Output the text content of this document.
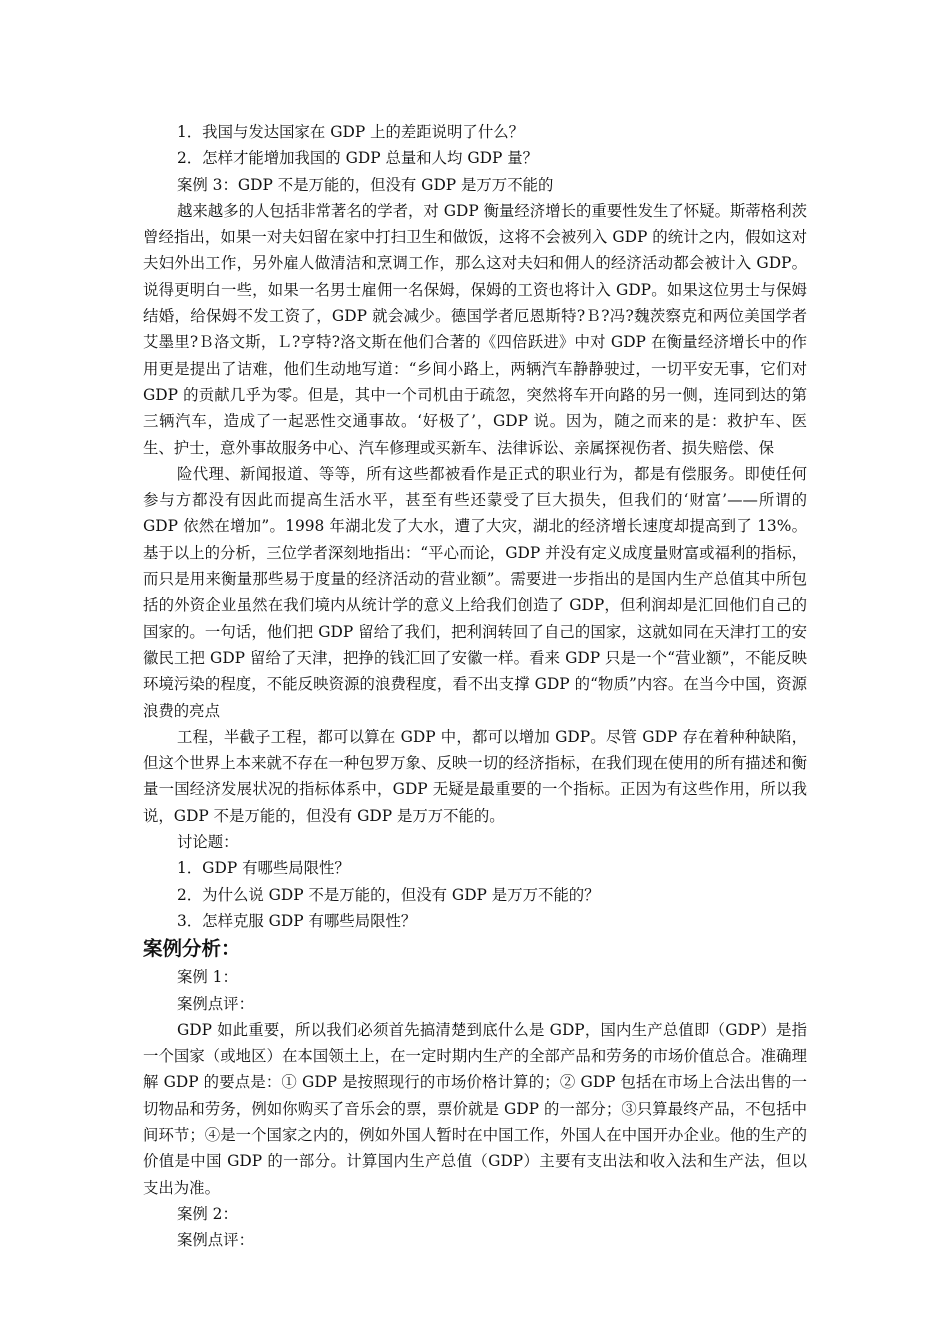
1．我国与发达国家在 GDP 上的差距说明了什么？

2．怎样才能增加我国的 GDP 总量和人均 GDP 量？

案例 3：GDP 不是万能的，但没有 GDP 是万万不能的

越来越多的人包括非常著名的学者，对 GDP 衡量经济增长的重要性发生了怀疑。斯蒂格利茨曾经指出，如果一对夫妇留在家中打扫卫生和做饭，这将不会被列入 GDP 的统计之内，假如这对夫妇外出工作，另外雇人做清洁和烹调工作，那么这对夫妇和佣人的经济活动都会被计入 GDP。说得更明白一些，如果一名男士雇佣一名保姆，保姆的工资也将计入 GDP。如果这位男士与保姆结婚，给保姆不发工资了，GDP 就会减少。德国学者厄恩斯特?Ｂ?冯?魏茨察克和两位美国学者艾墨里?Ｂ洛文斯，Ｌ?亨特?洛文斯在他们合著的《四倍跃进》中对 GDP 在衡量经济增长中的作用更是提出了诘难，他们生动地写道：“乡间小路上，两辆汽车静静驶过，一切平安无事，它们对 GDP 的贡献几乎为零。但是，其中一个司机由于疏忽，突然将车开向路的另一侧，连同到达的第三辆汽车，造成了一起恶性交通事故。‘好极了’，GDP 说。因为，随之而来的是：救护车、医生、护士，意外事故服务中心、汽车修理或买新车、法律诉讼、亲属探视伤者、损失赔偿、保

险代理、新闻报道、等等，所有这些都被看作是正式的职业行为，都是有偿服务。即使任何参与方都没有因此而提高生活水平，甚至有些还蒙受了巨大损失，但我们的‘财富’——所谓的 GDP 依然在增加”。1998 年湖北发了大水，遭了大灾，湖北的经济增长速度却提高到了 13%。基于以上的分析，三位学者深刻地指出：“平心而论，GDP 并没有定义成度量财富或福利的指标，而只是用来衡量那些易于度量的经济活动的营业额”。需要进一步指出的是国内生产总值其中所包括的外资企业虽然在我们境内从统计学的意义上给我们创造了 GDP，但利润却是汇回他们自己的国家的。一句话，他们把 GDP 留给了我们，把利润转回了自己的国家，这就如同在天津打工的安徽民工把 GDP 留给了天津，把挣的钱汇回了安徽一样。看来 GDP 只是一个“营业额”，不能反映环境污染的程度，不能反映资源的浪费程度，看不出支撑 GDP 的“物质”内容。在当今中国，资源浪费的亮点

工程，半截子工程，都可以算在 GDP 中，都可以增加 GDP。尽管 GDP 存在着种种缺陷，但这个世界上本来就不存在一种包罗万象、反映一切的经济指标，在我们现在使用的所有描述和衡量一国经济发展状况的指标体系中，GDP 无疑是最重要的一个指标。正因为有这些作用，所以我说，GDP 不是万能的，但没有 GDP 是万万不能的。

讨论题：

1．GDP 有哪些局限性？

2．为什么说 GDP 不是万能的，但没有 GDP 是万万不能的？

3．怎样克服 GDP 有哪些局限性？

案例分析：

案例 1：

案例点评：

GDP 如此重要，所以我们必须首先搞清楚到底什么是 GDP，国内生产总值即（GDP）是指一个国家（或地区）在本国领土上，在一定时期内生产的全部产品和劳务的市场价值总合。准确理解 GDP 的要点是：① GDP 是按照现行的市场价格计算的；② GDP 包括在市场上合法出售的一切物品和劳务，例如你购买了音乐会的票，票价就是 GDP 的一部分；③只算最终产品，不包括中间环节；④是一个国家之内的，例如外国人暂时在中国工作，外国人在中国开办企业。他的生产的价值是中国 GDP 的一部分。计算国内生产总值（GDP）主要有支出法和收入法和生产法，但以支出为准。

案例 2：

案例点评：
